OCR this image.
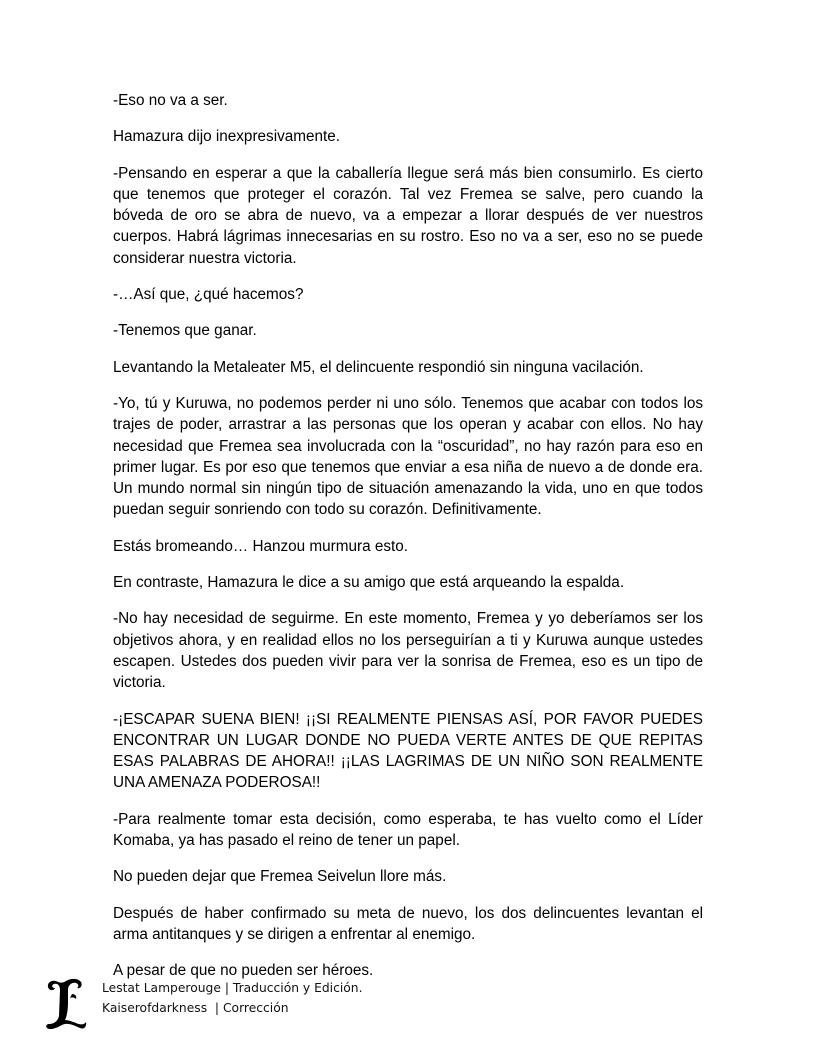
-Eso no va a ser.

Hamazura dijo inexpresivamente.

-Pensando en esperar a que la caballería llegue será más bien consumirlo. Es cierto que tenemos que proteger el corazón. Tal vez Fremea se salve, pero cuando la bóveda de oro se abra de nuevo, va a empezar a llorar después de ver nuestros cuerpos. Habrá lágrimas innecesarias en su rostro. Eso no va a ser, eso no se puede considerar nuestra victoria.

-…Así que, ¿qué hacemos?

-Tenemos que ganar.

Levantando la Metaleater M5, el delincuente respondió sin ninguna vacilación.

-Yo, tú y Kuruwa, no podemos perder ni uno sólo. Tenemos que acabar con todos los trajes de poder, arrastrar a las personas que los operan y acabar con ellos. No hay necesidad que Fremea sea involucrada con la “oscuridad”, no hay razón para eso en primer lugar. Es por eso que tenemos que enviar a esa niña de nuevo a de donde era. Un mundo normal sin ningún tipo de situación amenazando la vida, uno en que todos puedan seguir sonriendo con todo su corazón. Definitivamente.

Estás bromeando… Hanzou murmura esto.

En contraste, Hamazura le dice a su amigo que está arqueando la espalda.

-No hay necesidad de seguirme. En este momento, Fremea y yo deberíamos ser los objetivos ahora, y en realidad ellos no los perseguirían a ti y Kuruwa aunque ustedes escapen. Ustedes dos pueden vivir para ver la sonrisa de Fremea, eso es un tipo de victoria.

-¡ESCAPAR SUENA BIEN! ¡¡SI REALMENTE PIENSAS ASÍ, POR FAVOR PUEDES ENCONTRAR UN LUGAR DONDE NO PUEDA VERTE ANTES DE QUE REPITAS ESAS PALABRAS DE AHORA!! ¡¡LAS LAGRIMAS DE UN NIÑO SON REALMENTE UNA AMENAZA PODEROSA!!

-Para realmente tomar esta decisión, como esperaba, te has vuelto como el Líder Komaba, ya has pasado el reino de tener un papel.

No pueden dejar que Fremea Seivelun llore más.

Después de haber confirmado su meta de nuevo, los dos delincuentes levantan el arma antitanques y se dirigen a enfrentar al enemigo.

A pesar de que no pueden ser héroes.

Lestat Lamperouge | Traducción y Edición.
Kaiserofdarkness  | Corrección
